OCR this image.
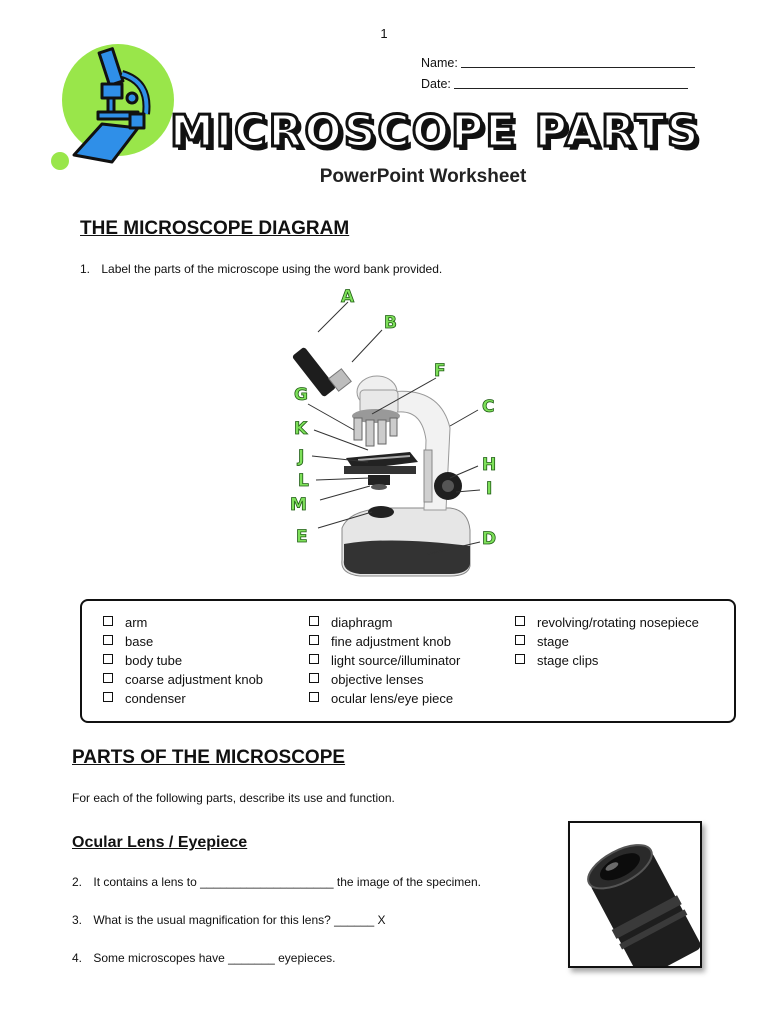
1
Name:
Date:
MICROSCOPE PARTS
PowerPoint Worksheet
THE MICROSCOPE DIAGRAM
1. Label the parts of the microscope using the word bank provided.
A
B
C
D
E
F
G
H
I
J
K
L
M
arm
base
body tube
coarse adjustment knob
condenser
diaphragm
fine adjustment knob
light source/illuminator
objective lenses
ocular lens/eye piece
revolving/rotating nosepiece
stage
stage clips
PARTS OF THE MICROSCOPE
For each of the following parts, describe its use and function.
Ocular Lens / Eyepiece
2. It contains a lens to ____________________ the image of the specimen.
3. What is the usual magnification for this lens? ______ X
4. Some microscopes have _______ eyepieces.
